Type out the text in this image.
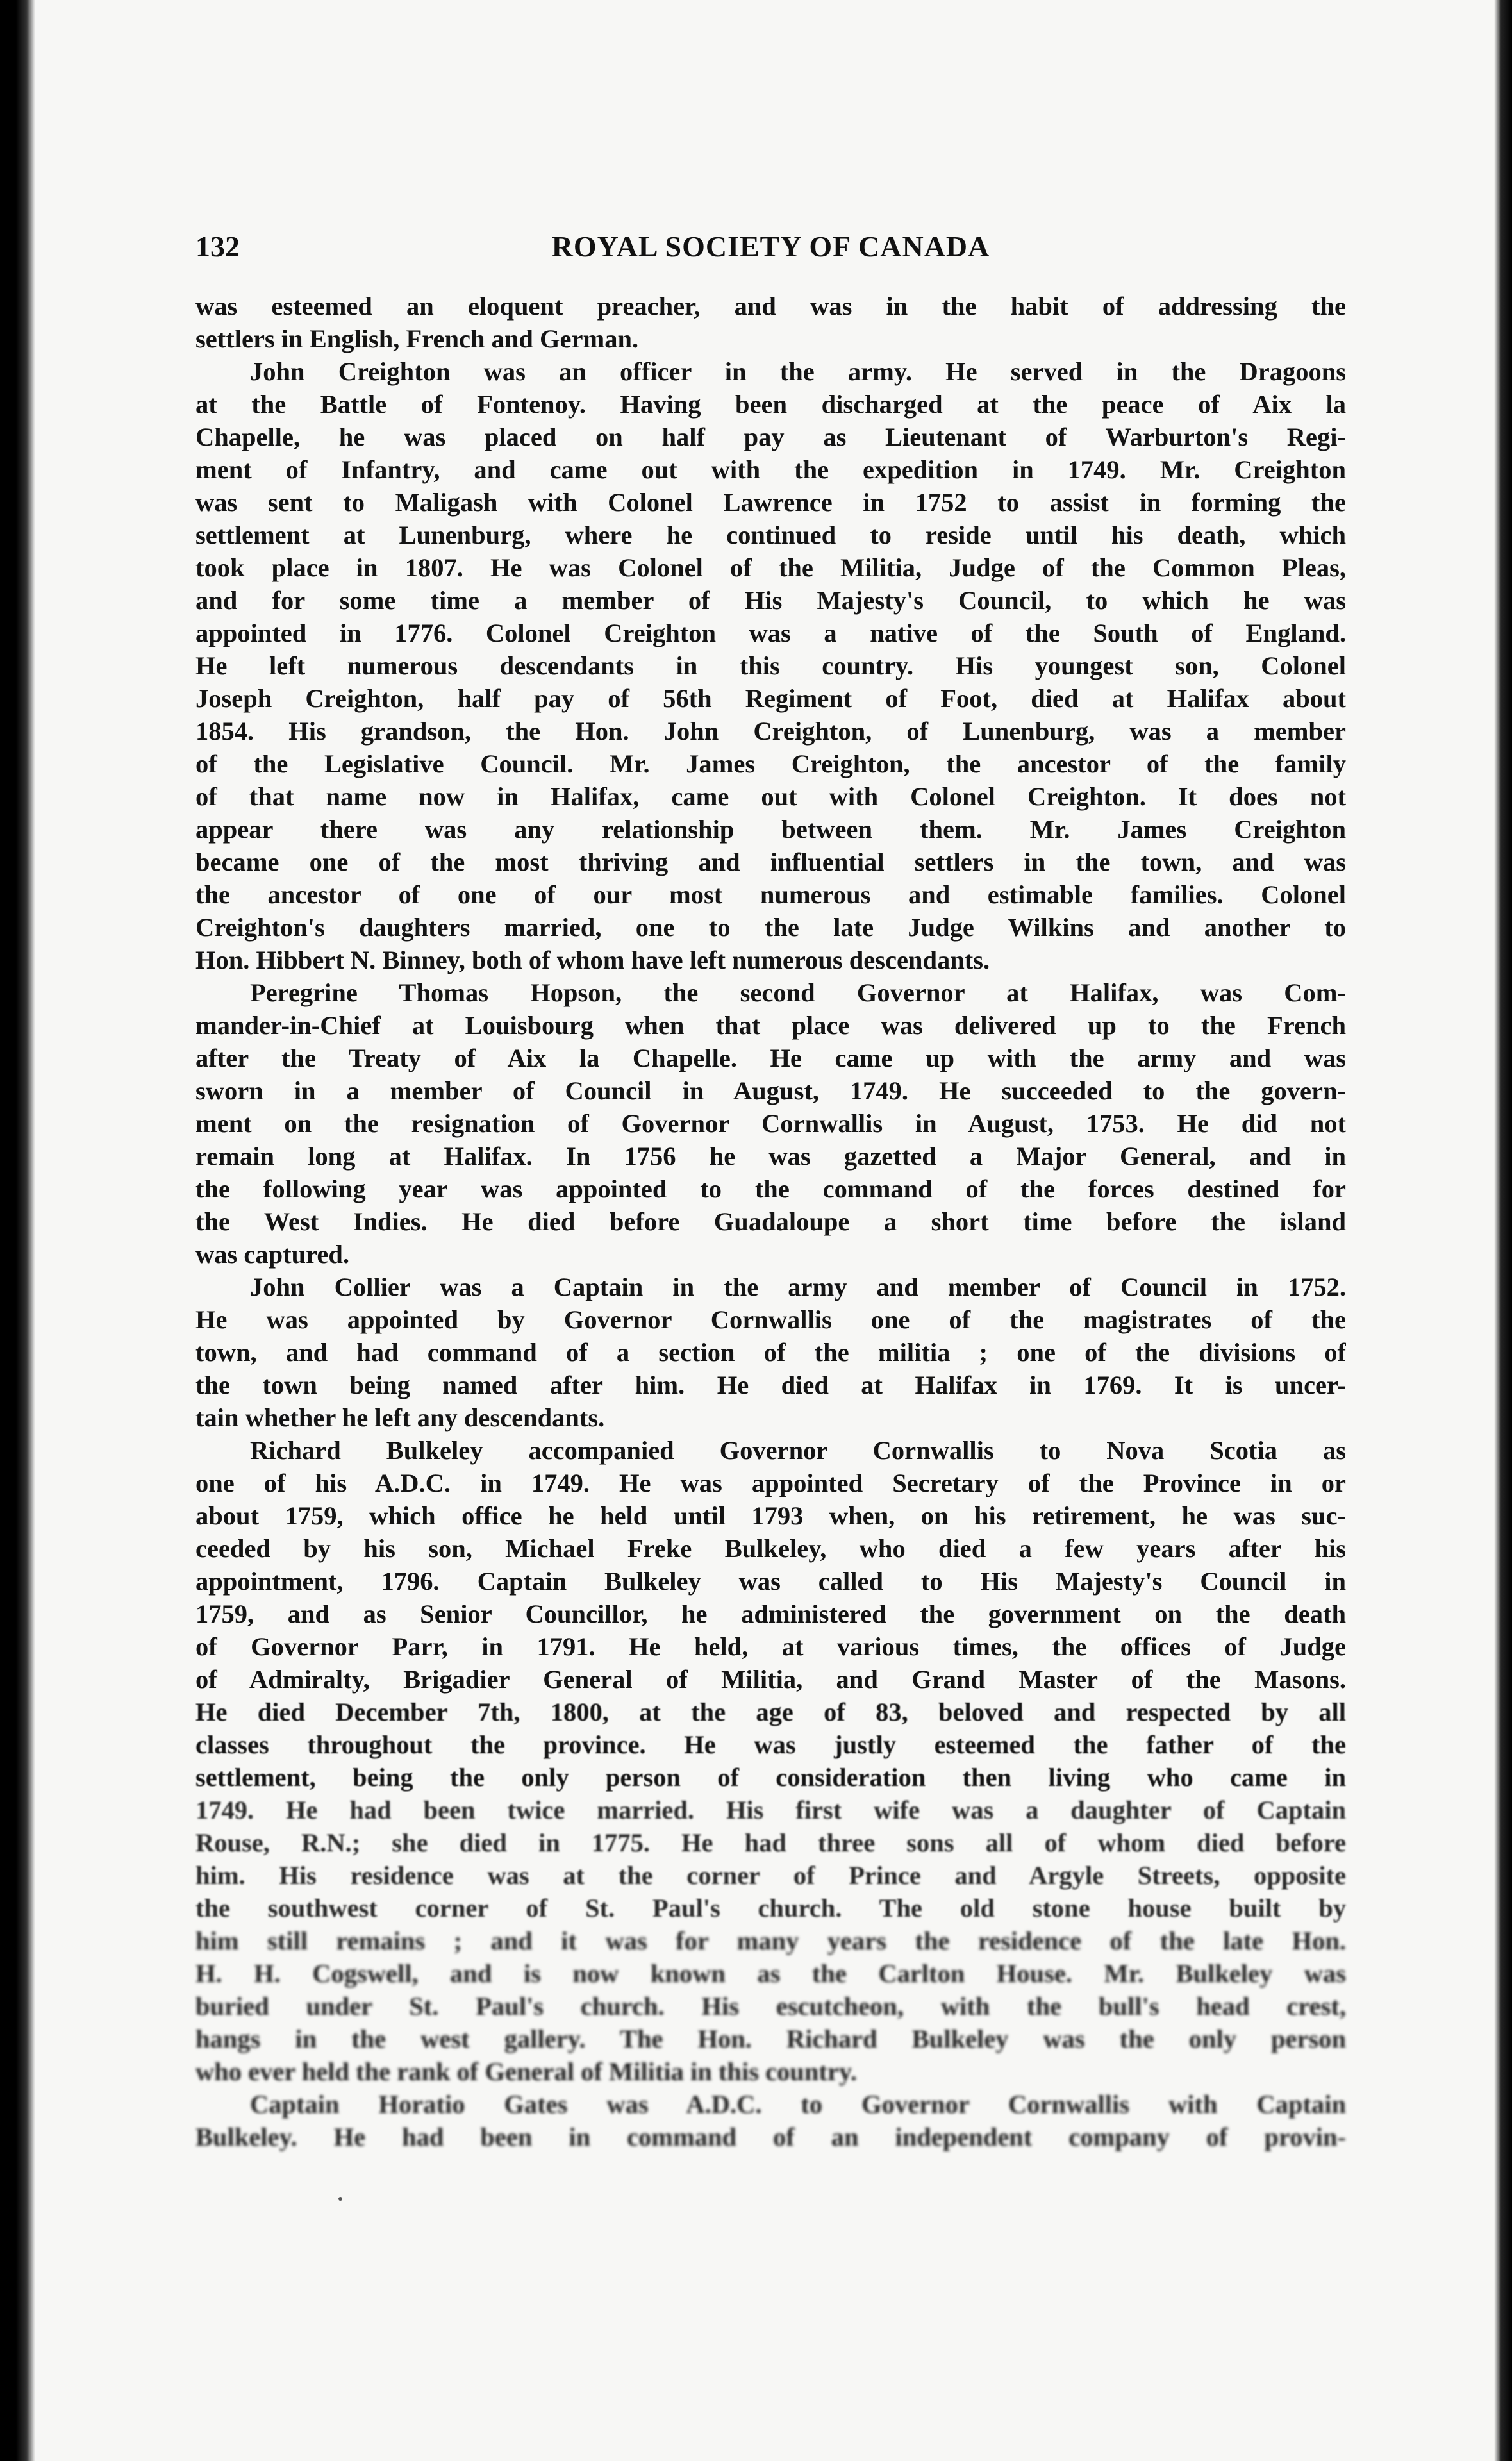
132	ROYAL SOCIETY OF CANADA
was esteemed an eloquent preacher, and was in the habit of addressing the
settlers in English, French and German.
John Creighton was an officer in the army. He served in the Dragoons
at the Battle of Fontenoy. Having been discharged at the peace of Aix la
Chapelle, he was placed on half pay as Lieutenant of Warburton's Regi-
ment of Infantry, and came out with the expedition in 1749. Mr. Creighton
was sent to Maligash with Colonel Lawrence in 1752 to assist in forming the
settlement at Lunenburg, where he continued to reside until his death, which
took place in 1807. He was Colonel of the Militia, Judge of the Common Pleas,
and for some time a member of His Majesty's Council, to which he was
appointed in 1776. Colonel Creighton was a native of the South of England.
He left numerous descendants in this country. His youngest son, Colonel
Joseph Creighton, half pay of 56th Regiment of Foot, died at Halifax about
1854. His grandson, the Hon. John Creighton, of Lunenburg, was a member
of the Legislative Council. Mr. James Creighton, the ancestor of the family
of that name now in Halifax, came out with Colonel Creighton. It does not
appear there was any relationship between them. Mr. James Creighton
became one of the most thriving and influential settlers in the town, and was
the ancestor of one of our most numerous and estimable families. Colonel
Creighton's daughters married, one to the late Judge Wilkins and another to
Hon. Hibbert N. Binney, both of whom have left numerous descendants.
Peregrine Thomas Hopson, the second Governor at Halifax, was Com-
mander-in-Chief at Louisbourg when that place was delivered up to the French
after the Treaty of Aix la Chapelle. He came up with the army and was
sworn in a member of Council in August, 1749. He succeeded to the govern-
ment on the resignation of Governor Cornwallis in August, 1753. He did not
remain long at Halifax. In 1756 he was gazetted a Major General, and in
the following year was appointed to the command of the forces destined for
the West Indies. He died before Guadaloupe a short time before the island
was captured.
John Collier was a Captain in the army and member of Council in 1752.
He was appointed by Governor Cornwallis one of the magistrates of the
town, and had command of a section of the militia ; one of the divisions of
the town being named after him. He died at Halifax in 1769. It is uncer-
tain whether he left any descendants.
Richard Bulkeley accompanied Governor Cornwallis to Nova Scotia as
one of his A.D.C. in 1749. He was appointed Secretary of the Province in or
about 1759, which office he held until 1793 when, on his retirement, he was suc-
ceeded by his son, Michael Freke Bulkeley, who died a few years after his
appointment, 1796. Captain Bulkeley was called to His Majesty's Council in
1759, and as Senior Councillor, he administered the government on the death
of Governor Parr, in 1791. He held, at various times, the offices of Judge
of Admiralty, Brigadier General of Militia, and Grand Master of the Masons.
He died December 7th, 1800, at the age of 83, beloved and respected by all
classes throughout the province. He was justly esteemed the father of the
settlement, being the only person of consideration then living who came in
1749. He had been twice married. His first wife was a daughter of Captain
Rouse, R.N.; she died in 1775. He had three sons all of whom died before
him. His residence was at the corner of Prince and Argyle Streets, opposite
the southwest corner of St. Paul's church. The old stone house built by
him still remains ; and it was for many years the residence of the late Hon.
H. H. Cogswell, and is now known as the Carlton House. Mr. Bulkeley was
buried under St. Paul's church. His escutcheon, with the bull's head crest,
hangs in the west gallery. The Hon. Richard Bulkeley was the only person
who ever held the rank of General of Militia in this country.
Captain Horatio Gates was A.D.C. to Governor Cornwallis with Captain
Bulkeley. He had been in command of an independent company of provin-
